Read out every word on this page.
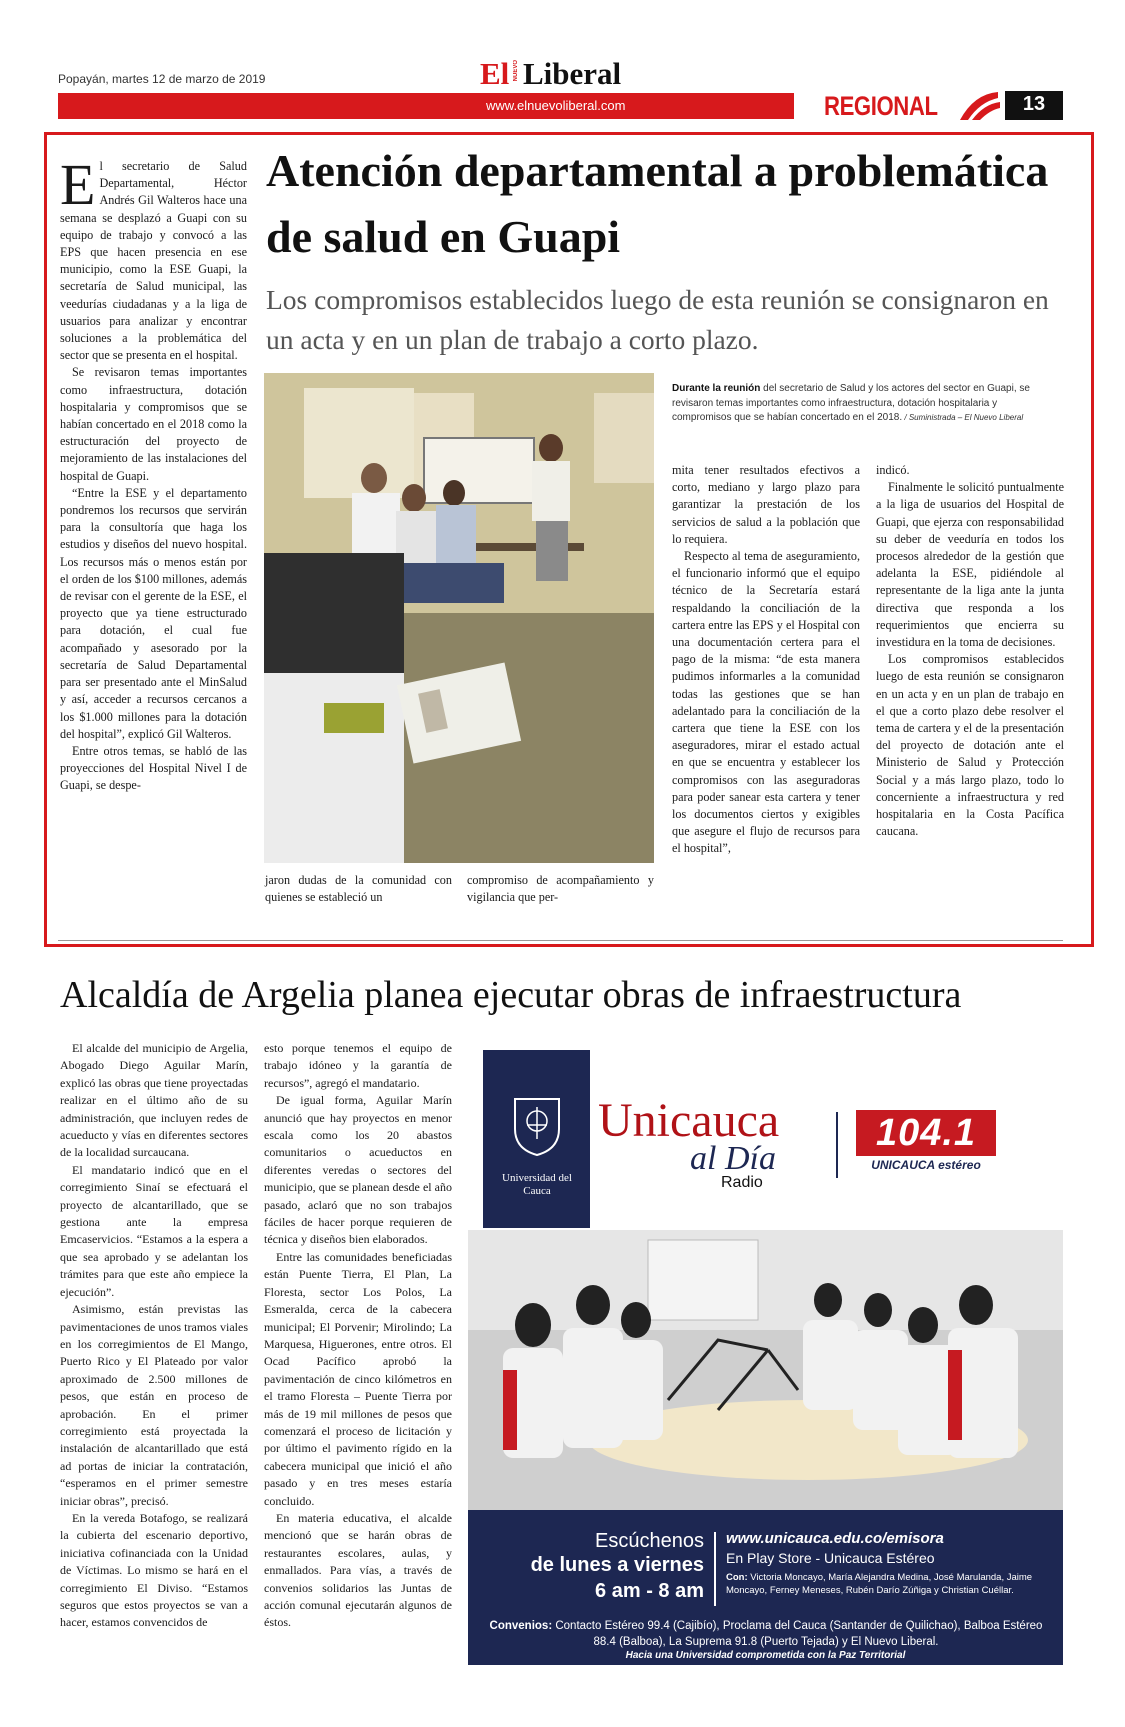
Popayán, martes 12 de marzo de 2019	El NUEVO Liberal
www.elnuevoliberal.com	REGIONAL	13

El secretario de Salud Departamental, Héctor Andrés Gil Walteros hace una semana se desplazó a Guapi con su equipo de trabajo y convocó a las EPS que hacen presencia en ese municipio, como la ESE Guapi, la secretaría de Salud municipal, las veedurías ciudadanas y a la liga de usuarios para analizar y encontrar soluciones a la problemática del sector que se presenta en el hospital.

Se revisaron temas importantes como infraestructura, dotación hospitalaria y compromisos que se habían concertado en el 2018 como la estructuración del proyecto de mejoramiento de las instalaciones del hospital de Guapi.

“Entre la ESE y el departamento pondremos los recursos que servirán para la consultoría que haga los estudios y diseños del nuevo hospital. Los recursos más o menos están por el orden de los $100 millones, además de revisar con el gerente de la ESE, el proyecto que ya tiene estructurado para dotación, el cual fue acompañado y asesorado por la secretaría de Salud Departamental para ser presentado ante el MinSalud y así, acceder a recursos cercanos a los $1.000 millones para la dotación del hospital”, explicó Gil Walteros.

Entre otros temas, se habló de las proyecciones del Hospital Nivel I de Guapi, se despe-

Atención departamental a problemática de salud en Guapi
Los compromisos establecidos luego de esta reunión se consignaron en un acta y en un plan de trabajo a corto plazo.
Durante la reunión del secretario de Salud y los actores del sector en Guapi, se revisaron temas importantes como infraestructura, dotación hospitalaria y compromisos que se habían concertado en el 2018. / Suministrada – El Nuevo Liberal

jaron dudas de la comunidad con quienes se estableció un

compromiso de acompañamiento y vigilancia que per-

mita tener resultados efectivos a corto, mediano y largo plazo para garantizar la prestación de los servicios de salud a la población que lo requiera.

Respecto al tema de aseguramiento, el funcionario informó que el equipo técnico de la Secretaría estará respaldando la conciliación de la cartera entre las EPS y el Hospital con una documentación certera para el pago de la misma: “de esta manera pudimos informarles a la comunidad todas las gestiones que se han adelantado para la conciliación de la cartera que tiene la ESE con los aseguradores, mirar el estado actual en que se encuentra y establecer los compromisos con las aseguradoras para poder sanear esta cartera y tener los documentos ciertos y exigibles que asegure el flujo de recursos para el hospital”,

indicó.

Finalmente le solicitó puntualmente a la liga de usuarios del Hospital de Guapi, que ejerza con responsabilidad su deber de veeduría en todos los procesos alrededor de la gestión que adelanta la ESE, pidiéndole al representante de la liga ante la junta directiva que responda a los requerimientos que encierra su investidura en la toma de decisiones.

Los compromisos establecidos luego de esta reunión se consignaron en un acta y en un plan de trabajo en el que a corto plazo debe resolver el tema de cartera y el de la presentación del proyecto de dotación ante el Ministerio de Salud y Protección Social y a más largo plazo, todo lo concerniente a infraestructura y red hospitalaria en la Costa Pacífica caucana.

Alcaldía de Argelia planea ejecutar obras de infraestructura

El alcalde del municipio de Argelia, Abogado Diego Aguilar Marín, explicó las obras que tiene proyectadas realizar en el último año de su administración, que incluyen redes de acueducto y vías en diferentes sectores de la localidad surcaucana.

El mandatario indicó que en el corregimiento Sinaí se efectuará el proyecto de alcantarillado, que se gestiona ante la empresa Emcaservicios. “Estamos a la espera a que sea aprobado y se adelantan los trámites para que este año empiece la ejecución”.

Asimismo, están previstas las pavimentaciones de unos tramos viales en los corregimientos de El Mango, Puerto Rico y El Plateado por valor aproximado de 2.500 millones de pesos, que están en proceso de aprobación. En el primer corregimiento está proyectada la instalación de alcantarillado que está ad portas de iniciar la contratación, “esperamos en el primer semestre iniciar obras”, precisó.

En la vereda Botafogo, se realizará la cubierta del escenario deportivo, iniciativa cofinanciada con la Unidad de Víctimas. Lo mismo se hará en el corregimiento El Diviso. “Estamos seguros que estos proyectos se van a hacer, estamos convencidos de

esto porque tenemos el equipo de trabajo idóneo y la garantía de recursos”, agregó el mandatario.

De igual forma, Aguilar Marín anunció que hay proyectos en menor escala como los 20 abastos comunitarios o acueductos en diferentes veredas o sectores del municipio, que se planean desde el año pasado, aclaró que no son trabajos fáciles de hacer porque requieren de técnica y diseños bien elaborados.

Entre las comunidades beneficiadas están Puente Tierra, El Plan, La Floresta, sector Los Polos, La Esmeralda, cerca de la cabecera municipal; El Porvenir; Mirolindo; La Marquesa, Higuerones, entre otros. El Ocad Pacífico aprobó la pavimentación de cinco kilómetros en el tramo Floresta – Puente Tierra por más de 19 mil millones de pesos que comenzará el proceso de licitación y por último el pavimento rígido en la cabecera municipal que inició el año pasado y en tres meses estaría concluido.

En materia educativa, el alcalde mencionó que se harán obras de restaurantes escolares, aulas, y enmallados. Para vías, a través de convenios solidarios las Juntas de acción comunal ejecutarán algunos de éstos.

Universidad del Cauca
Unicauca
al Día
Radio
104.1
UNICAUCA estéreo
Escúchenos
de lunes a viernes
6 am - 8 am
www.unicauca.edu.co/emisora
En Play Store - Unicauca Estéreo
Con: Victoria Moncayo, María Alejandra Medina, José Marulanda, Jaime Moncayo, Ferney Meneses, Rubén Darío Zúñiga y Christian Cuéllar.
Convenios: Contacto Estéreo 99.4 (Cajibío), Proclama del Cauca (Santander de Quilichao), Balboa Estéreo 88.4 (Balboa), La Suprema 91.8 (Puerto Tejada) y El Nuevo Liberal.
